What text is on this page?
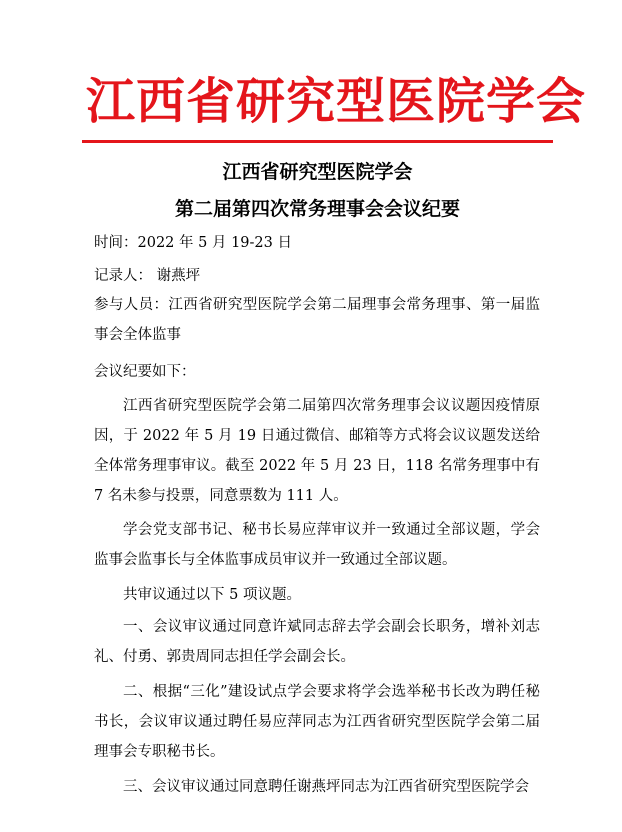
江西省研究型医院学会
江西省研究型医院学会
第二届第四次常务理事会会议纪要
时间：2022 年 5 月 19-23 日
记录人： 谢燕坪
参与人员：江西省研究型医院学会第二届理事会常务理事、第一届监事会全体监事
会议纪要如下：
江西省研究型医院学会第二届第四次常务理事会议议题因疫情原因，于 2022 年 5 月 19 日通过微信、邮箱等方式将会议议题发送给全体常务理事审议。截至 2022 年 5 月 23 日，118 名常务理事中有 7 名未参与投票，同意票数为 111 人。
学会党支部书记、秘书长易应萍审议并一致通过全部议题，学会监事会监事长与全体监事成员审议并一致通过全部议题。
共审议通过以下 5 项议题。
一、会议审议通过同意许斌同志辞去学会副会长职务，增补刘志礼、付勇、郭贵周同志担任学会副会长。
二、根据“三化”建设试点学会要求将学会选举秘书长改为聘任秘书长，会议审议通过聘任易应萍同志为江西省研究型医院学会第二届理事会专职秘书长。
三、会议审议通过同意聘任谢燕坪同志为江西省研究型医院学会
